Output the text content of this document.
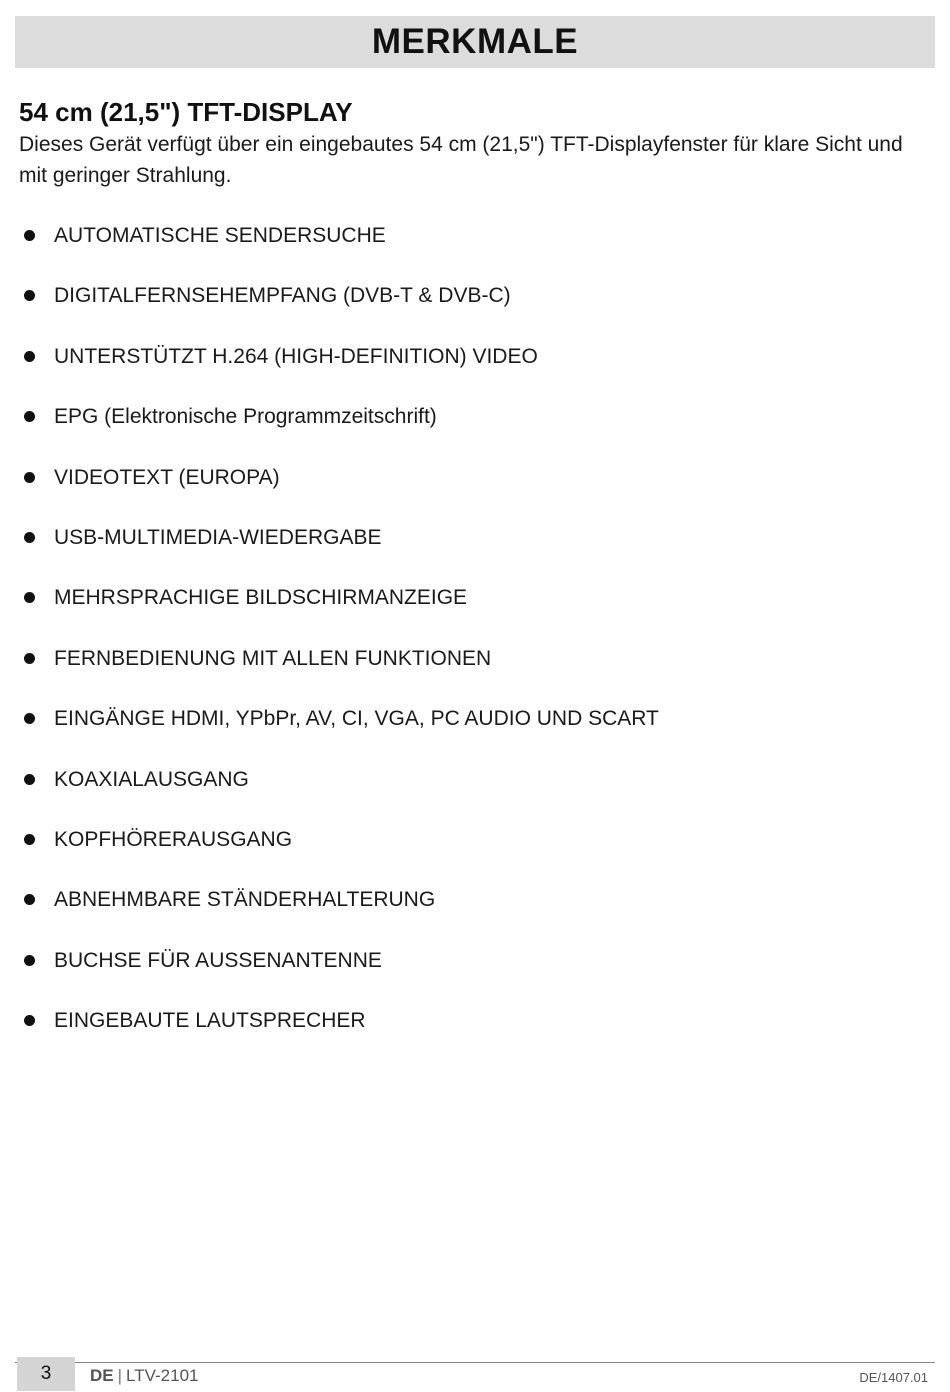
MERKMALE
54 cm (21,5") TFT-DISPLAY

Dieses Gerät verfügt über ein eingebautes 54 cm (21,5") TFT-Displayfenster für klare Sicht und mit geringer Strahlung.

AUTOMATISCHE SENDERSUCHE
DIGITALFERNSEHEMPFANG (DVB-T & DVB-C)
UNTERSTÜTZT H.264 (HIGH-DEFINITION) VIDEO
EPG (Elektronische Programmzeitschrift)
VIDEOTEXT (EUROPA)
USB-MULTIMEDIA-WIEDERGABE
MEHRSPRACHIGE BILDSCHIRMANZEIGE
FERNBEDIENUNG MIT ALLEN FUNKTIONEN
EINGÄNGE HDMI, YPbPr, AV, CI, VGA, PC AUDIO UND SCART
KOAXIALAUSGANG
KOPFHÖRERAUSGANG
ABNEHMBARE STÄNDERHALTERUNG
BUCHSE FÜR AUSSENANTENNE
EINGEBAUTE LAUTSPRECHER
3	DE | LTV-2101	DE/1407.01
